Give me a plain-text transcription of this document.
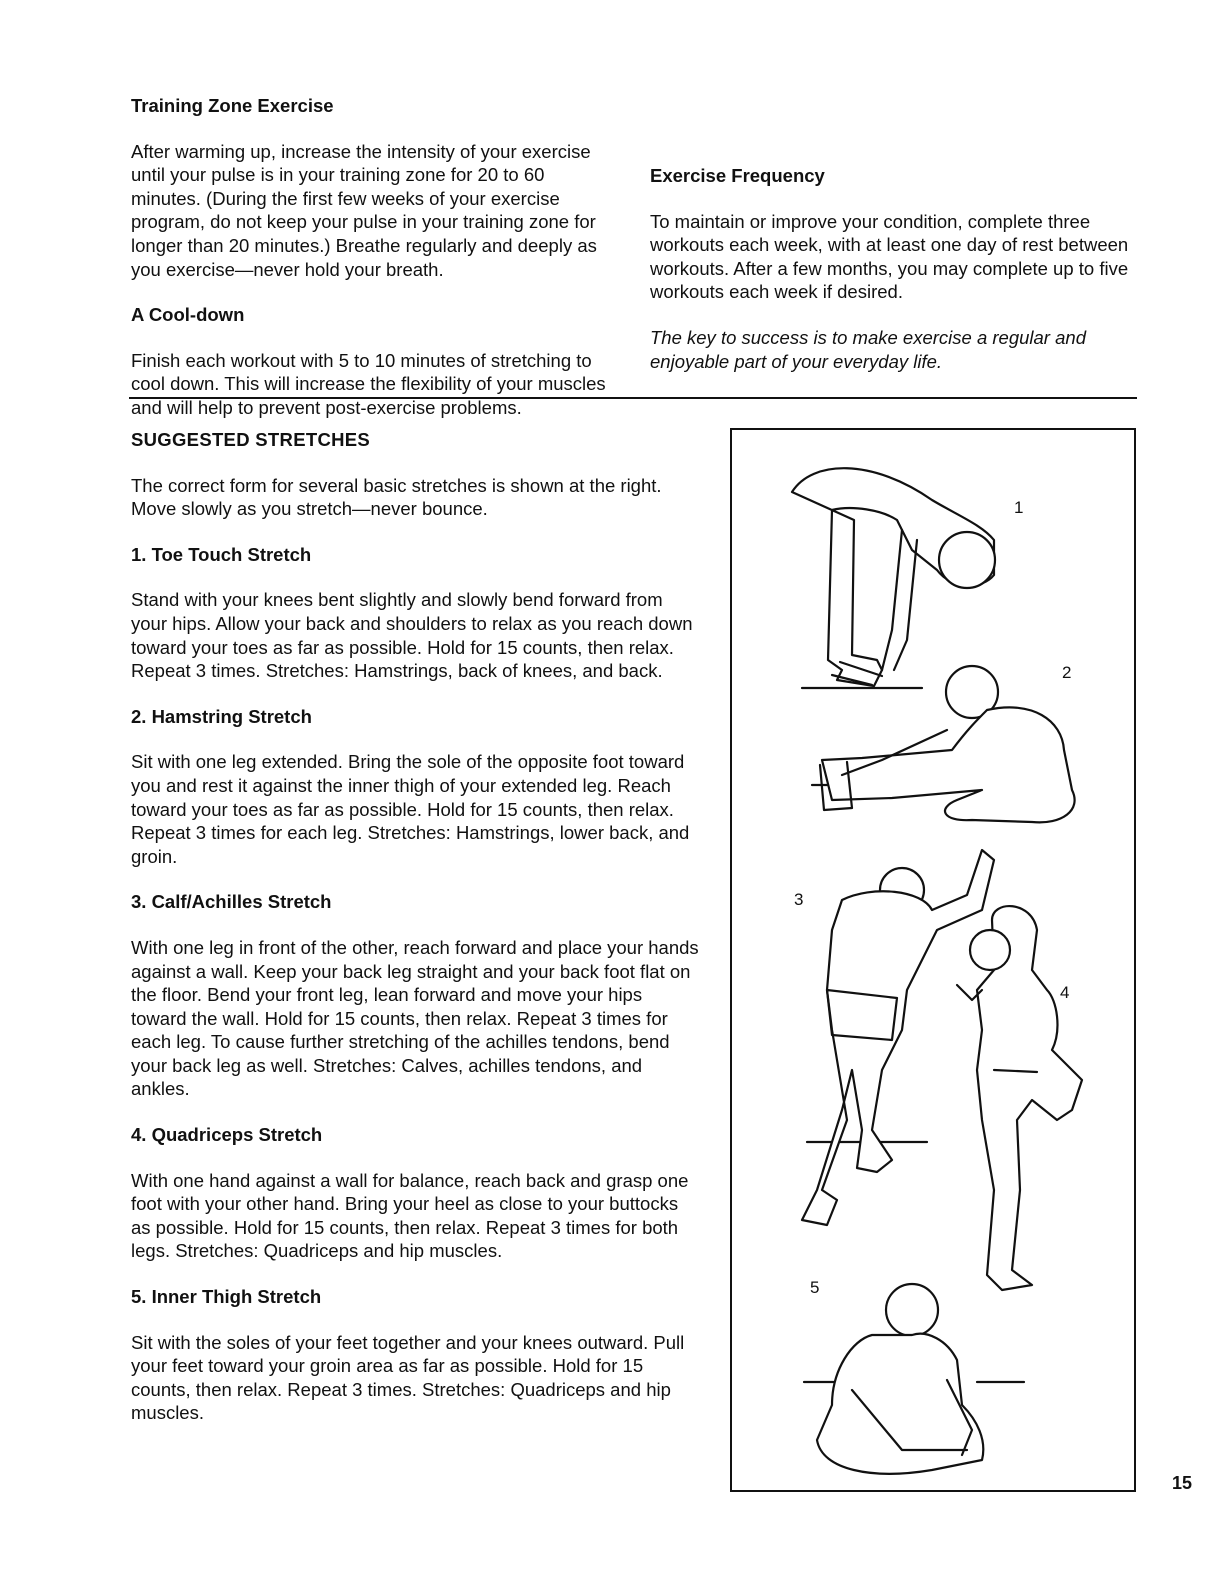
Training Zone Exercise

After warming up, increase the intensity of your exercise until your pulse is in your training zone for 20 to 60 minutes. (During the first few weeks of your exercise program, do not keep your pulse in your training zone for longer than 20 minutes.) Breathe regularly and deeply as you exercise—never hold your breath.

A Cool-down

Finish each workout with 5 to 10 minutes of stretching to cool down. This will increase the flexibility of your muscles and will help to prevent post-exercise problems.

Exercise Frequency

To maintain or improve your condition, complete three workouts each week, with at least one day of rest between workouts. After a few months, you may complete up to five workouts each week if desired.

The key to success is to make exercise a regular and enjoyable part of your everyday life.

SUGGESTED STRETCHES

The correct form for several basic stretches is shown at the right. Move slowly as you stretch—never bounce.

1. Toe Touch Stretch

Stand with your knees bent slightly and slowly bend forward from your hips. Allow your back and shoulders to relax as you reach down toward your toes as far as possible. Hold for 15 counts, then relax. Repeat 3 times. Stretches: Hamstrings, back of knees, and back.

2. Hamstring Stretch

Sit with one leg extended. Bring the sole of the opposite foot toward you and rest it against the inner thigh of your extended leg. Reach toward your toes as far as possible. Hold for 15 counts, then relax. Repeat 3 times for each leg. Stretches: Hamstrings, lower back, and groin.

3. Calf/Achilles Stretch

With one leg in front of the other, reach forward and place your hands against a wall. Keep your back leg straight and your back foot flat on the floor. Bend your front leg, lean forward and move your hips toward the wall. Hold for 15 counts, then relax. Repeat 3 times for each leg. To cause further stretching of the achilles tendons, bend your back leg as well. Stretches: Calves, achilles tendons, and ankles.

4. Quadriceps Stretch

With one hand against a wall for balance, reach back and grasp one foot with your other hand. Bring your heel as close to your buttocks as possible. Hold for 15 counts, then relax. Repeat 3 times for both legs. Stretches: Quadriceps and hip muscles.

5. Inner Thigh Stretch

Sit with the soles of your feet together and your knees outward. Pull your feet toward your groin area as far as possible. Hold for 15 counts, then relax. Repeat 3 times. Stretches: Quadriceps and hip muscles.

1
2
3
4
5
15
